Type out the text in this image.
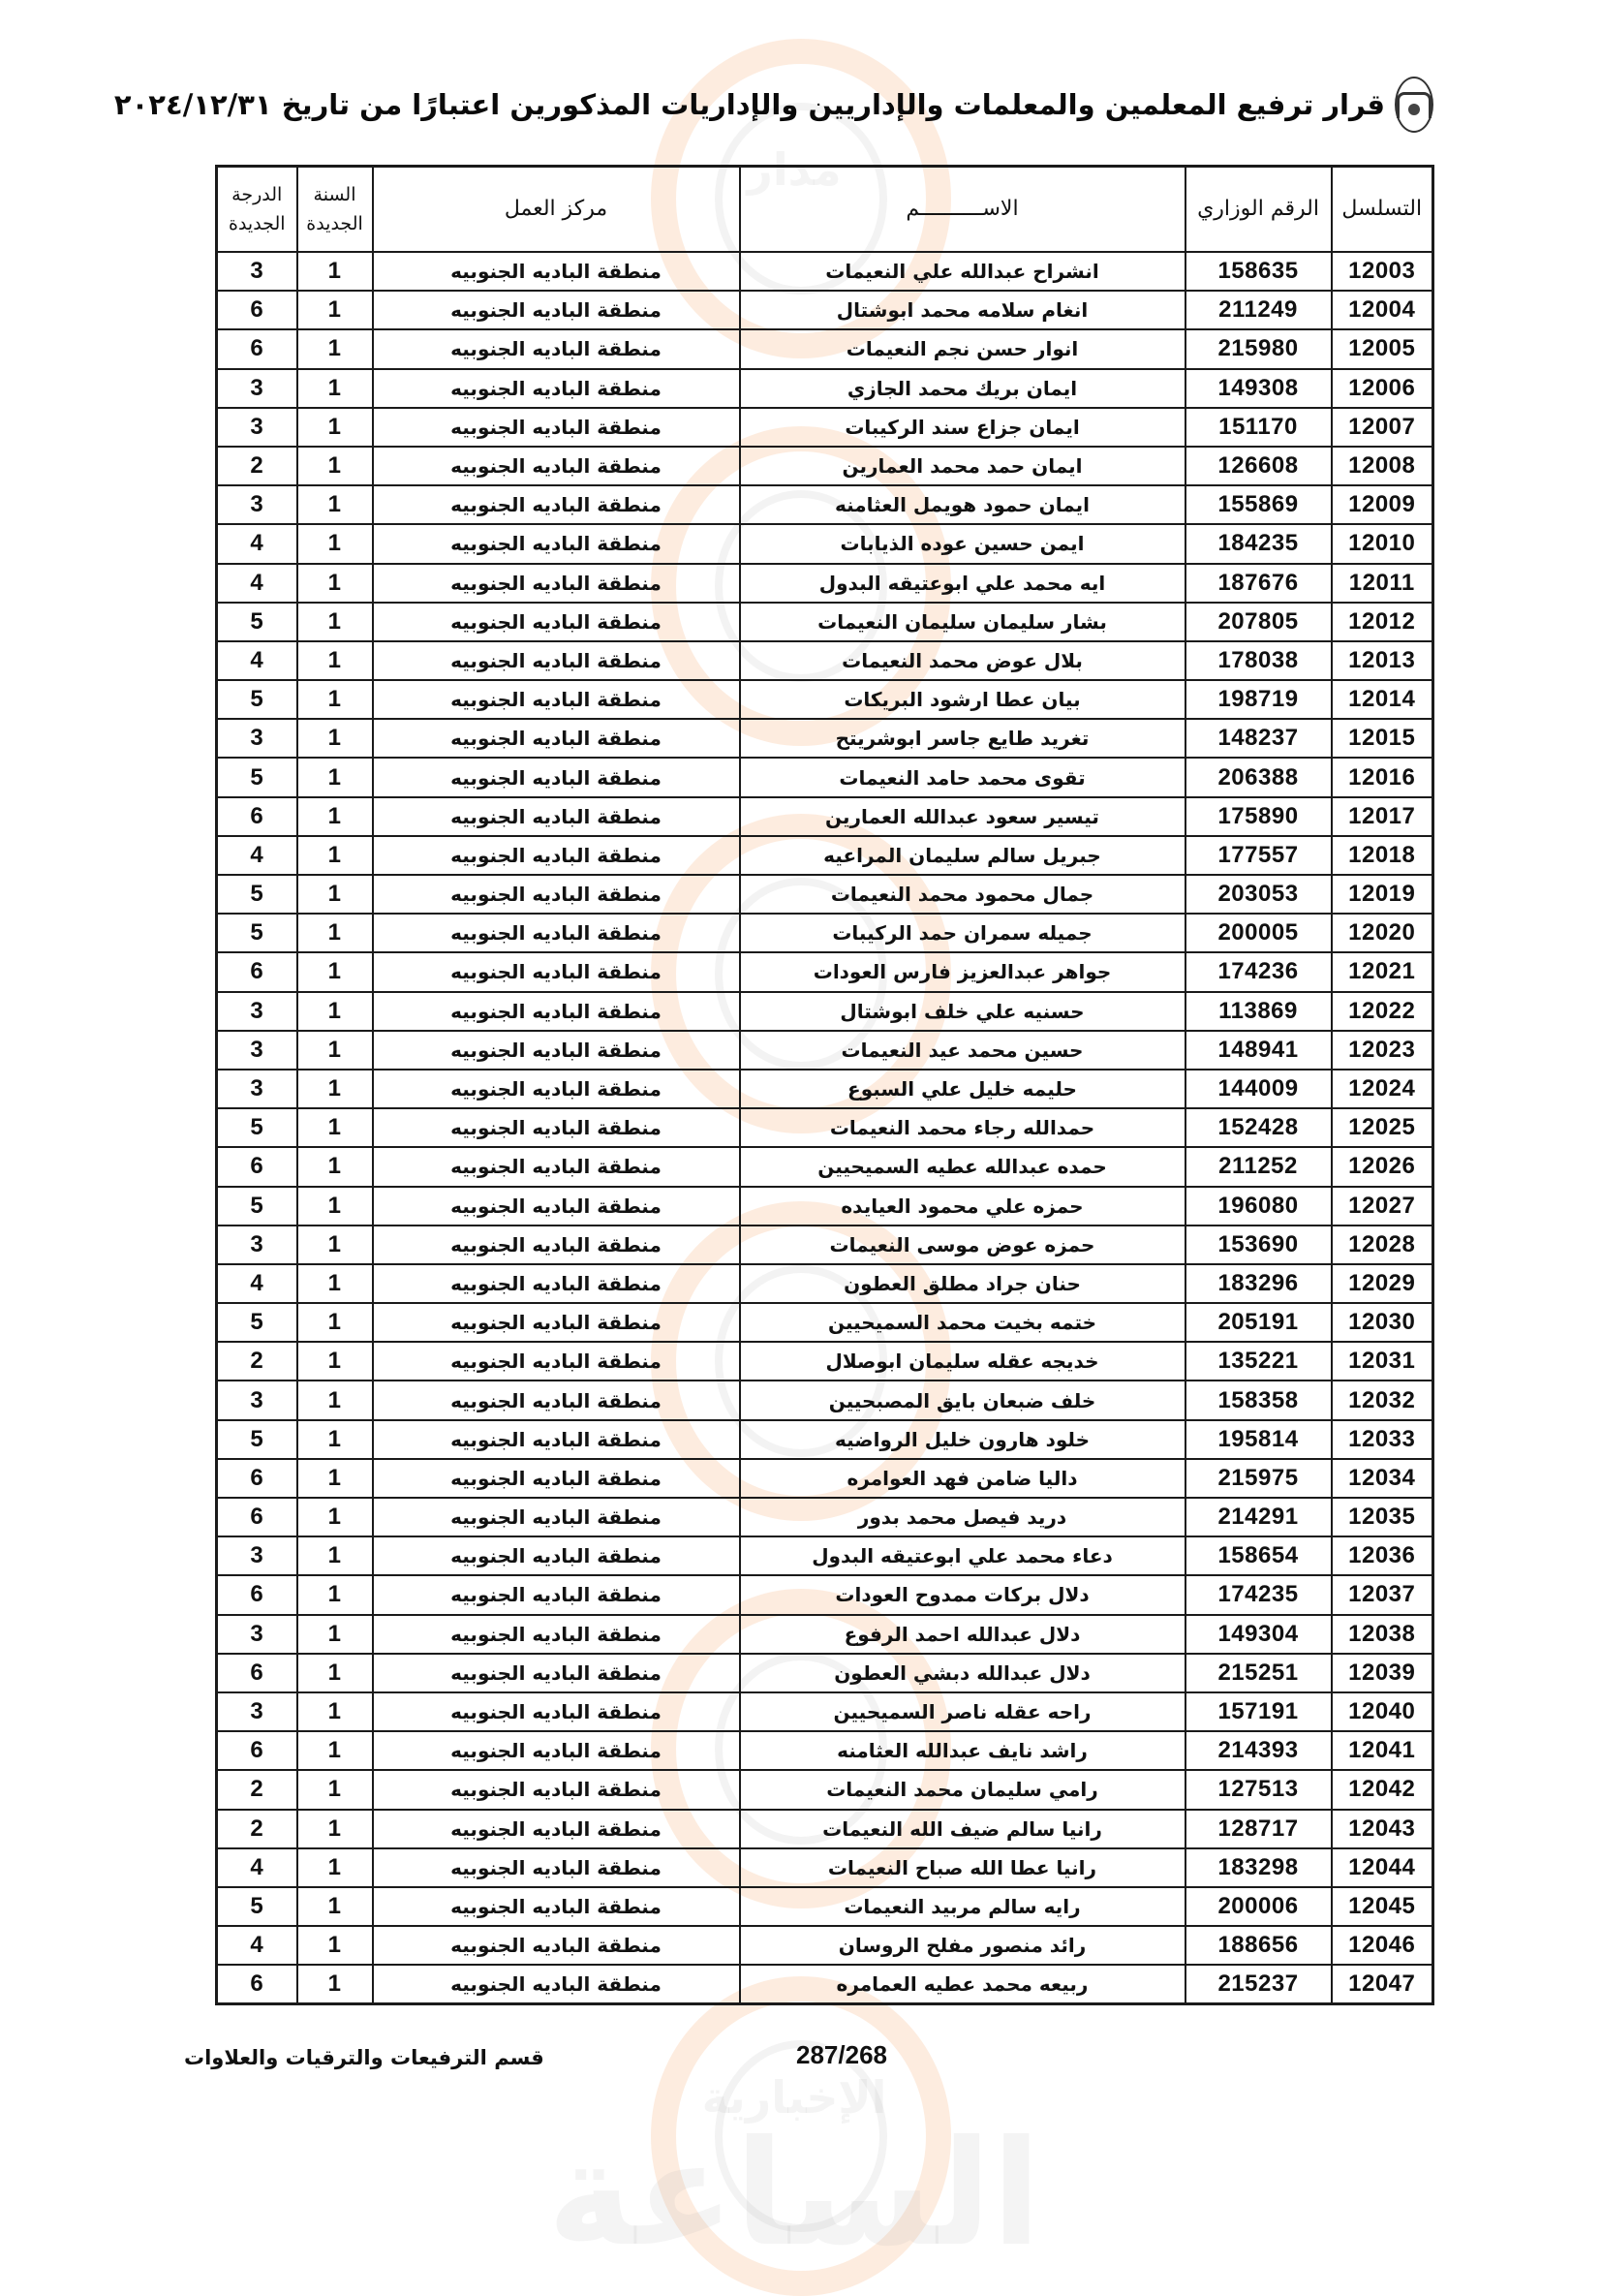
مدار
الإخبارية
الساعة
قرار ترفيع المعلمين والمعلمات والإداريين والإداريات المذكورين اعتبارًا من تاريخ ٢٠٢٤/١٢/٣١
التسلسل	الرقم الوزاري	الاســــــــــم	مركز العمل	السنة الجديدة	الدرجة الجديدة
12003	158635	انشراح عبدالله علي النعيمات	منطقة الباديه الجنوبيه	1	3
12004	211249	انغام سلامه محمد ابوشتال	منطقة الباديه الجنوبيه	1	6
12005	215980	انوار حسن نجم النعيمات	منطقة الباديه الجنوبيه	1	6
12006	149308	ايمان بريك محمد الجازي	منطقة الباديه الجنوبيه	1	3
12007	151170	ايمان جزاع سند الركيبات	منطقة الباديه الجنوبيه	1	3
12008	126608	ايمان حمد محمد العمارين	منطقة الباديه الجنوبيه	1	2
12009	155869	ايمان حمود هويمل العثامنه	منطقة الباديه الجنوبيه	1	3
12010	184235	ايمن حسين عوده الذيابات	منطقة الباديه الجنوبيه	1	4
12011	187676	ايه محمد علي ابوعتيقه البدول	منطقة الباديه الجنوبيه	1	4
12012	207805	بشار سليمان سليمان النعيمات	منطقة الباديه الجنوبيه	1	5
12013	178038	بلال عوض محمد النعيمات	منطقة الباديه الجنوبيه	1	4
12014	198719	بيان عطا ارشود البريكات	منطقة الباديه الجنوبيه	1	5
12015	148237	تغريد طايع جاسر ابوشريتح	منطقة الباديه الجنوبيه	1	3
12016	206388	تقوى محمد حامد النعيمات	منطقة الباديه الجنوبيه	1	5
12017	175890	تيسير سعود عبدالله العمارين	منطقة الباديه الجنوبيه	1	6
12018	177557	جبريل سالم سليمان المراعيه	منطقة الباديه الجنوبيه	1	4
12019	203053	جمال محمود محمد النعيمات	منطقة الباديه الجنوبيه	1	5
12020	200005	جميله سمران حمد الركيبات	منطقة الباديه الجنوبيه	1	5
12021	174236	جواهر عبدالعزيز فارس العودات	منطقة الباديه الجنوبيه	1	6
12022	113869	حسنيه علي خلف ابوشتال	منطقة الباديه الجنوبيه	1	3
12023	148941	حسين محمد عيد النعيمات	منطقة الباديه الجنوبيه	1	3
12024	144009	حليمه خليل علي السبوع	منطقة الباديه الجنوبيه	1	3
12025	152428	حمدالله رجاء محمد النعيمات	منطقة الباديه الجنوبيه	1	5
12026	211252	حمده عبدالله عطيه السميحيين	منطقة الباديه الجنوبيه	1	6
12027	196080	حمزه علي محمود العيايده	منطقة الباديه الجنوبيه	1	5
12028	153690	حمزه عوض موسى النعيمات	منطقة الباديه الجنوبيه	1	3
12029	183296	حنان جراد مطلق العطون	منطقة الباديه الجنوبيه	1	4
12030	205191	ختمه بخيت محمد السميحيين	منطقة الباديه الجنوبيه	1	5
12031	135221	خديجه عقله سليمان ابوصلال	منطقة الباديه الجنوبيه	1	2
12032	158358	خلف ضبعان بايق المصبحيين	منطقة الباديه الجنوبيه	1	3
12033	195814	خلود هارون خليل الرواضيه	منطقة الباديه الجنوبيه	1	5
12034	215975	داليا ضامن فهد العوامره	منطقة الباديه الجنوبيه	1	6
12035	214291	دريد فيصل محمد بدور	منطقة الباديه الجنوبيه	1	6
12036	158654	دعاء محمد علي ابوعتيقه البدول	منطقة الباديه الجنوبيه	1	3
12037	174235	دلال بركات ممدوح العودات	منطقة الباديه الجنوبيه	1	6
12038	149304	دلال عبدالله احمد الرفوع	منطقة الباديه الجنوبيه	1	3
12039	215251	دلال عبدالله دبشي العطون	منطقة الباديه الجنوبيه	1	6
12040	157191	راحه عقله ناصر السميحيين	منطقة الباديه الجنوبيه	1	3
12041	214393	راشد نايف عبدالله العثامنه	منطقة الباديه الجنوبيه	1	6
12042	127513	رامي سليمان محمد النعيمات	منطقة الباديه الجنوبيه	1	2
12043	128717	رانيا سالم ضيف الله النعيمات	منطقة الباديه الجنوبيه	1	2
12044	183298	رانيا عطا الله صباح النعيمات	منطقة الباديه الجنوبيه	1	4
12045	200006	رايه سالم مربيد النعيمات	منطقة الباديه الجنوبيه	1	5
12046	188656	رائد منصور مفلح الروسان	منطقة الباديه الجنوبيه	1	4
12047	215237	ربيعه محمد عطيه العمامره	منطقة الباديه الجنوبيه	1	6
قسم الترفيعات والترقيات والعلاوات	287/268
